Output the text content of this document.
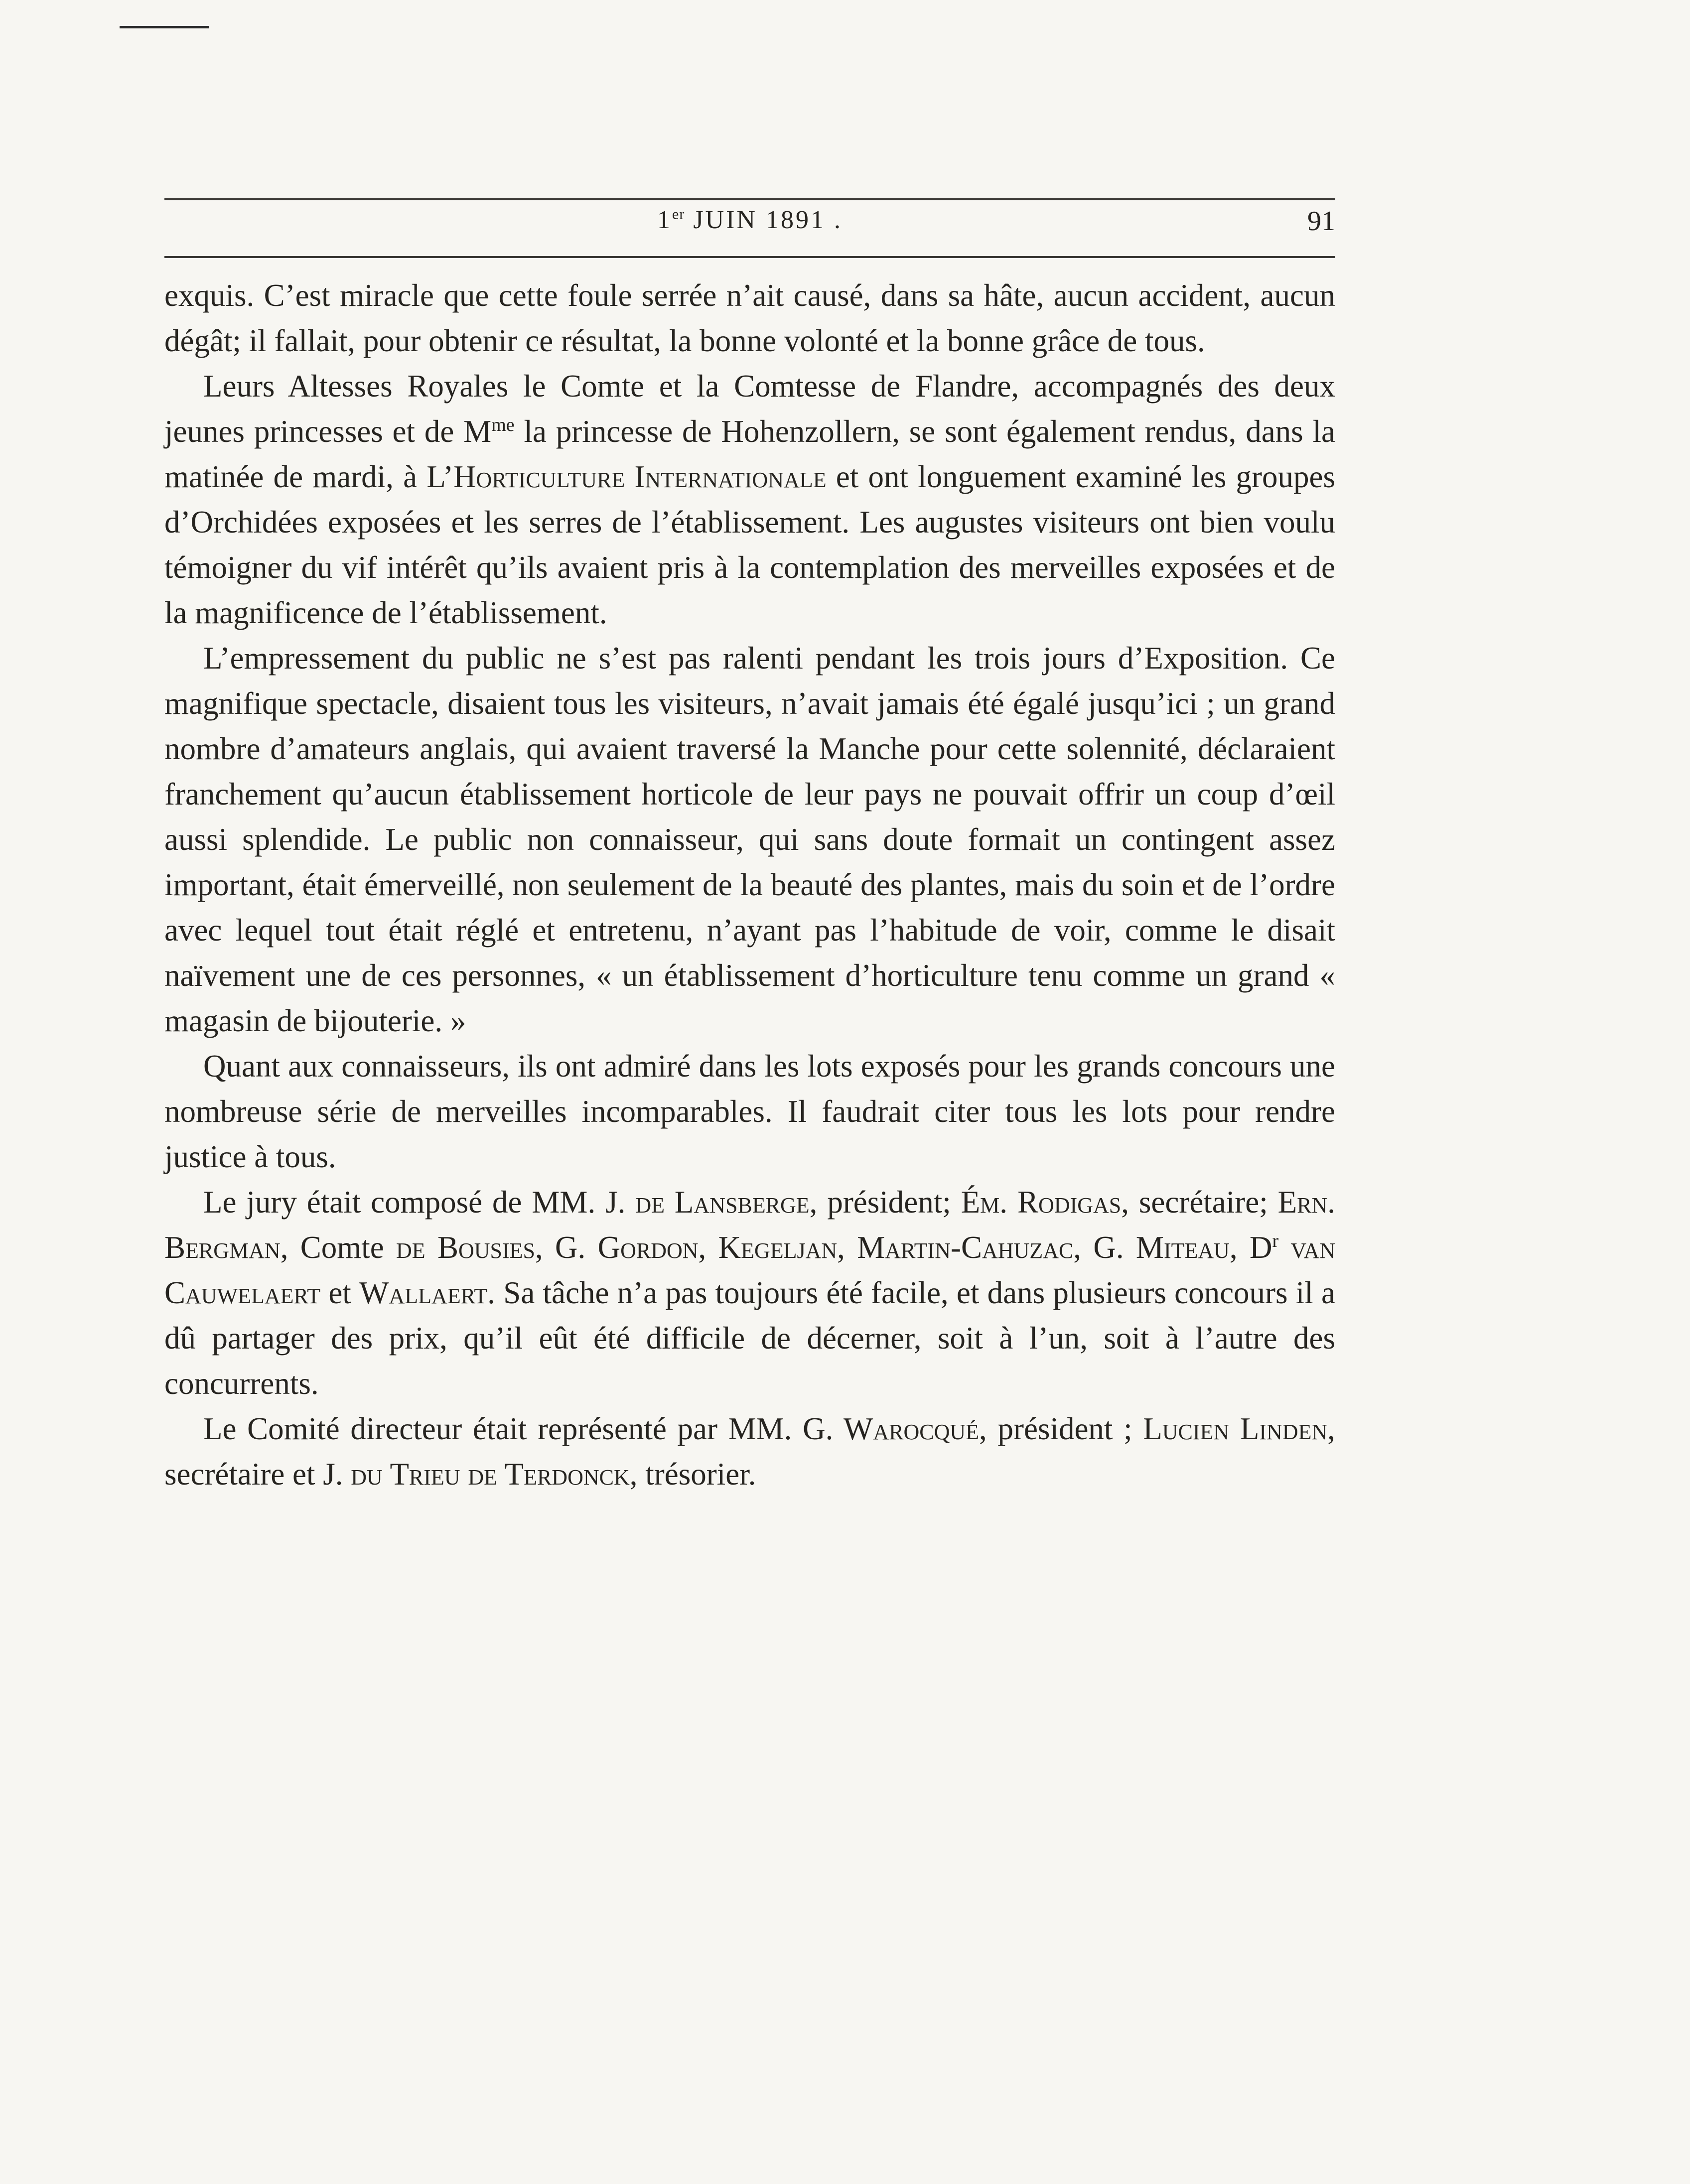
1er JUIN 1891 .	91

exquis. C’est miracle que cette foule serrée n’ait causé, dans sa hâte, aucun accident, aucun dégât; il fallait, pour obtenir ce résultat, la bonne volonté et la bonne grâce de tous.

Leurs Altesses Royales le Comte et la Comtesse de Flandre, accompagnés des deux jeunes princesses et de $M^{me}$ la princesse de Hohenzollern, se sont également rendus, dans la matinée de mardi, à L’Horticulture Internationale et ont longuement examiné les groupes d’Orchidées exposées et les serres de l’établissement. Les augustes visiteurs ont bien voulu témoigner du vif intérêt qu’ils avaient pris à la contemplation des merveilles exposées et de la magnificence de l’établissement.

L’empressement du public ne s’est pas ralenti pendant les trois jours d’Exposition. Ce magnifique spectacle, disaient tous les visiteurs, n’avait jamais été égalé jusqu’ici ; un grand nombre d’amateurs anglais, qui avaient traversé la Manche pour cette solennité, déclaraient franchement qu’aucun établissement horticole de leur pays ne pouvait offrir un coup d’œil aussi splendide. Le public non connaisseur, qui sans doute formait un contingent assez important, était émerveillé, non seulement de la beauté des plantes, mais du soin et de l’ordre avec lequel tout était réglé et entretenu, n’ayant pas l’habitude de voir, comme le disait naïvement une de ces personnes, « un établissement d’horticulture tenu comme un grand « magasin de bijouterie. »

Quant aux connaisseurs, ils ont admiré dans les lots exposés pour les grands concours une nombreuse série de merveilles incomparables. Il faudrait citer tous les lots pour rendre justice à tous.

Le jury était composé de MM. J. de Lansberge, président; Ém. Rodigas, secrétaire; Ern. Bergman, Comte de Bousies, G. Gordon, Kegeljan, Martin-Cahuzac, G. Miteau, $D^r$ van Cauwelaert et Wallaert. Sa tâche n’a pas toujours été facile, et dans plusieurs concours il a dû partager des prix, qu’il eût été difficile de décerner, soit à l’un, soit à l’autre des concurrents.

Le Comité directeur était représenté par MM. G. Warocqué, président ; Lucien Linden, secrétaire et J. du Trieu de Terdonck, trésorier.
